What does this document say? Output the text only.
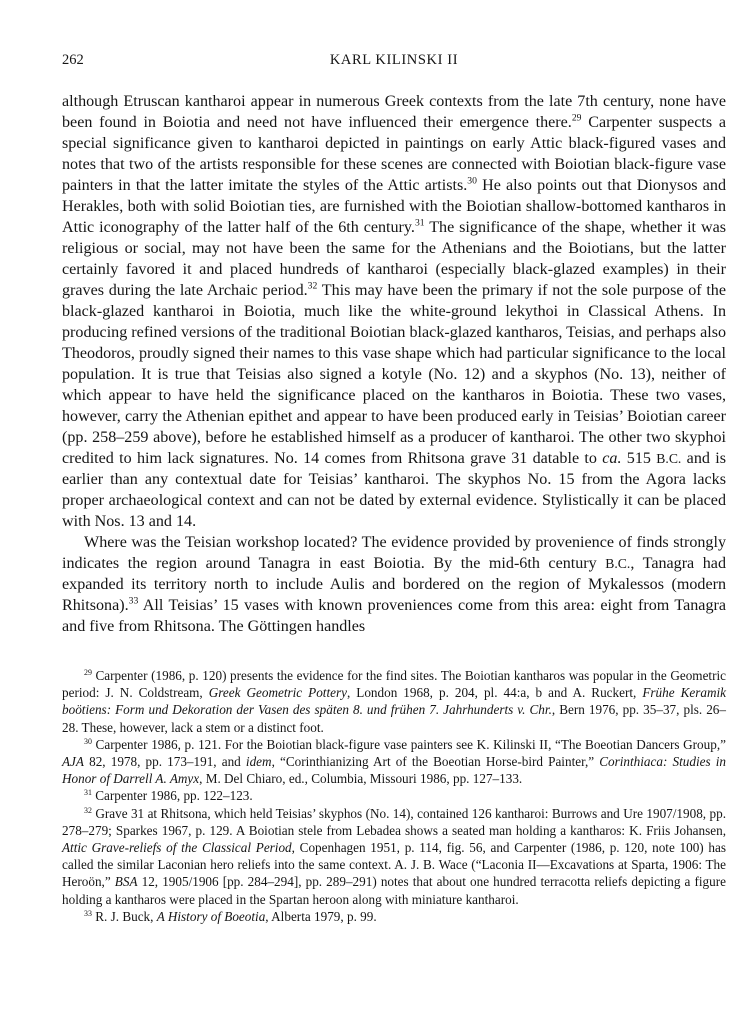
262	KARL KILINSKI II

although Etruscan kantharoi appear in numerous Greek contexts from the late 7th century, none have been found in Boiotia and need not have influenced their emergence there.$^{29}$ Carpenter suspects a special significance given to kantharoi depicted in paintings on early Attic black-figured vases and notes that two of the artists responsible for these scenes are connected with Boiotian black-figure vase painters in that the latter imitate the styles of the Attic artists.$^{30}$ He also points out that Dionysos and Herakles, both with solid Boiotian ties, are furnished with the Boiotian shallow-bottomed kantharos in Attic iconography of the latter half of the 6th century.$^{31}$ The significance of the shape, whether it was religious or social, may not have been the same for the Athenians and the Boiotians, but the latter certainly favored it and placed hundreds of kantharoi (especially black-glazed examples) in their graves during the late Archaic period.$^{32}$ This may have been the primary if not the sole purpose of the black-glazed kantharoi in Boiotia, much like the white-ground lekythoi in Classical Athens. In producing refined versions of the traditional Boiotian black-glazed kantharos, Teisias, and perhaps also Theodoros, proudly signed their names to this vase shape which had particular significance to the local population. It is true that Teisias also signed a kotyle (No. 12) and a skyphos (No. 13), neither of which appear to have held the significance placed on the kantharos in Boiotia. These two vases, however, carry the Athenian epithet and appear to have been produced early in Teisias’ Boiotian career (pp. 258–259 above), before he established himself as a producer of kantharoi. The other two skyphoi credited to him lack signatures. No. 14 comes from Rhitsona grave 31 datable to ca. 515 B.C. and is earlier than any contextual date for Teisias’ kantharoi. The skyphos No. 15 from the Agora lacks proper archaeological context and can not be dated by external evidence. Stylistically it can be placed with Nos. 13 and 14.

Where was the Teisian workshop located? The evidence provided by provenience of finds strongly indicates the region around Tanagra in east Boiotia. By the mid-6th century B.C., Tanagra had expanded its territory north to include Aulis and bordered on the region of Mykalessos (modern Rhitsona).$^{33}$ All Teisias’ 15 vases with known proveniences come from this area: eight from Tanagra and five from Rhitsona. The Göttingen handles

$^{29}$ Carpenter (1986, p. 120) presents the evidence for the find sites. The Boiotian kantharos was popular in the Geometric period: J. N. Coldstream, Greek Geometric Pottery, London 1968, p. 204, pl. 44:a, b and A. Ruckert, Frühe Keramik boötiens: Form und Dekoration der Vasen des späten 8. und frühen 7. Jahrhunderts v. Chr., Bern 1976, pp. 35–37, pls. 26–28. These, however, lack a stem or a distinct foot.

$^{30}$ Carpenter 1986, p. 121. For the Boiotian black-figure vase painters see K. Kilinski II, “The Boeotian Dancers Group,” AJA 82, 1978, pp. 173–191, and idem, “Corinthianizing Art of the Boeotian Horse-bird Painter,” Corinthiaca: Studies in Honor of Darrell A. Amyx, M. Del Chiaro, ed., Columbia, Missouri 1986, pp. 127–133.

$^{31}$ Carpenter 1986, pp. 122–123.

$^{32}$ Grave 31 at Rhitsona, which held Teisias’ skyphos (No. 14), contained 126 kantharoi: Burrows and Ure 1907/1908, pp. 278–279; Sparkes 1967, p. 129. A Boiotian stele from Lebadea shows a seated man holding a kantharos: K. Friis Johansen, Attic Grave-reliefs of the Classical Period, Copenhagen 1951, p. 114, fig. 56, and Carpenter (1986, p. 120, note 100) has called the similar Laconian hero reliefs into the same context. A. J. B. Wace (“Laconia II—Excavations at Sparta, 1906: The Heroön,” BSA 12, 1905/1906 [pp. 284–294], pp. 289–291) notes that about one hundred terracotta reliefs depicting a figure holding a kantharos were placed in the Spartan heroon along with miniature kantharoi.

$^{33}$ R. J. Buck, A History of Boeotia, Alberta 1979, p. 99.
